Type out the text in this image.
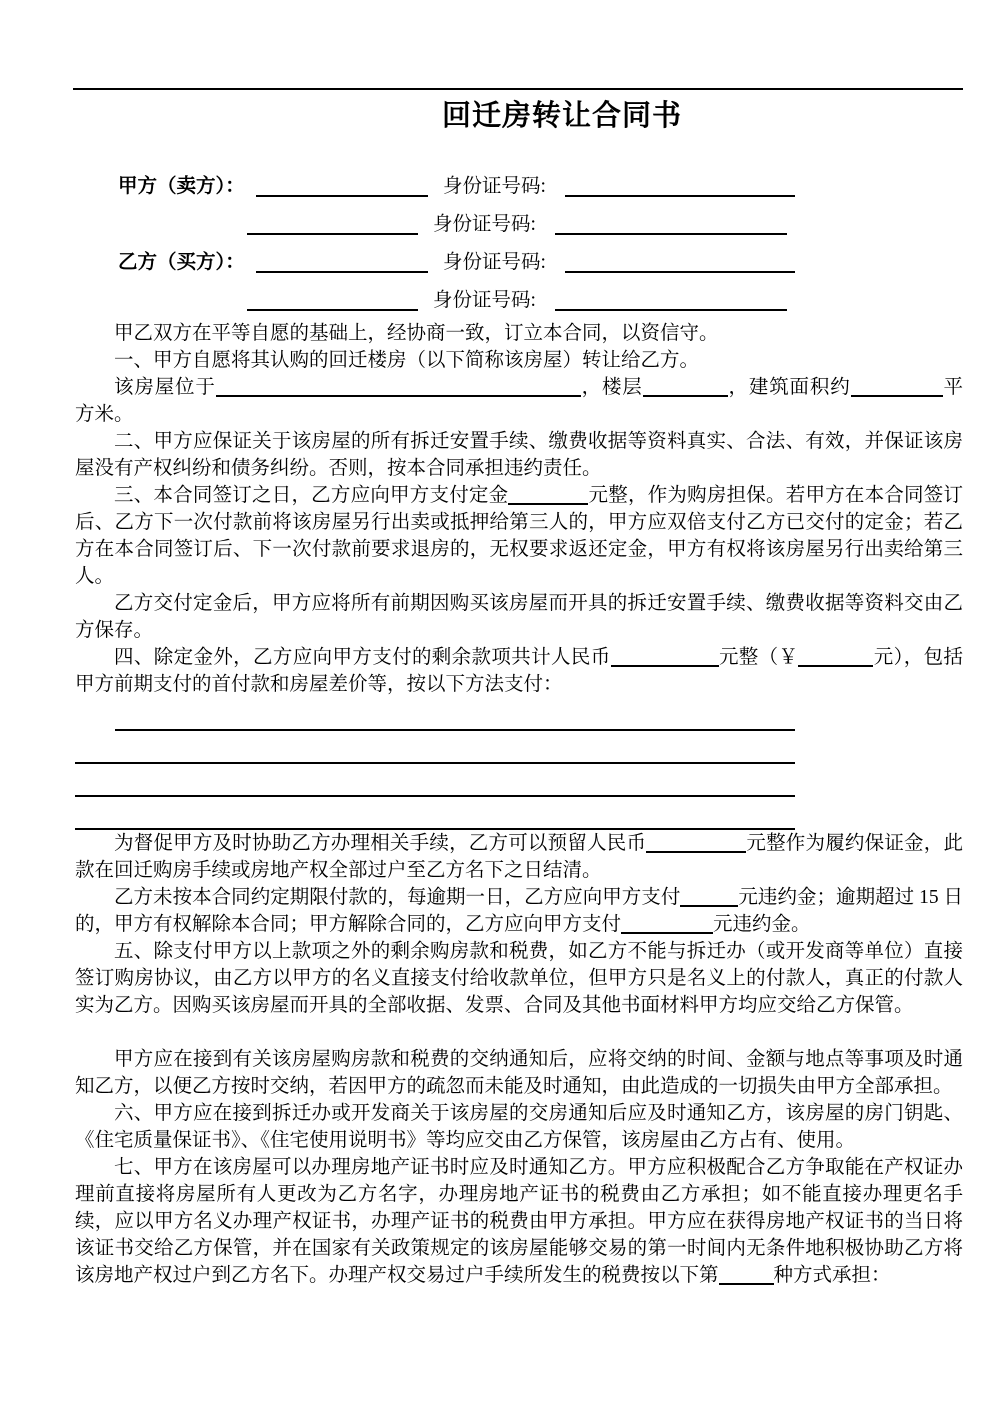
回迁房转让合同书
甲方（卖方）：	身份证号码:
身份证号码:
乙方（买方）：	身份证号码:
身份证号码:

甲乙双方在平等自愿的基础上，经协商一致，订立本合同，以资信守。

一、甲方自愿将其认购的回迁楼房（以下简称该房屋）转让给乙方。

该房屋位于	，楼层	，建筑面积约	平方米。

二、甲方应保证关于该房屋的所有拆迁安置手续、缴费收据等资料真实、合法、有效，并保证该房屋没有产权纠纷和债务纠纷。否则，按本合同承担违约责任。

三、本合同签订之日，乙方应向甲方支付定金	元整，作为购房担保。若甲方在本合同签订后、乙方下一次付款前将该房屋另行出卖或抵押给第三人的，甲方应双倍支付乙方已交付的定金；若乙方在本合同签订后、下一次付款前要求退房的，无权要求返还定金，甲方有权将该房屋另行出卖给第三人。

乙方交付定金后，甲方应将所有前期因购买该房屋而开具的拆迁安置手续、缴费收据等资料交由乙方保存。

四、除定金外，乙方应向甲方支付的剩余款项共计人民币	元整（￥	元），包括甲方前期支付的首付款和房屋差价等，按以下方法支付：

为督促甲方及时协助乙方办理相关手续，乙方可以预留人民币	元整作为履约保证金，此款在回迁购房手续或房地产权全部过户至乙方名下之日结清。

乙方未按本合同约定期限付款的，每逾期一日，乙方应向甲方支付	元违约金；逾期超过 15 日的，甲方有权解除本合同；甲方解除合同的，乙方应向甲方支付	元违约金。

五、除支付甲方以上款项之外的剩余购房款和税费，如乙方不能与拆迁办（或开发商等单位）直接签订购房协议，由乙方以甲方的名义直接支付给收款单位，但甲方只是名义上的付款人，真正的付款人实为乙方。因购买该房屋而开具的全部收据、发票、合同及其他书面材料甲方均应交给乙方保管。

甲方应在接到有关该房屋购房款和税费的交纳通知后，应将交纳的时间、金额与地点等事项及时通知乙方，以便乙方按时交纳，若因甲方的疏忽而未能及时通知，由此造成的一切损失由甲方全部承担。

六、甲方应在接到拆迁办或开发商关于该房屋的交房通知后应及时通知乙方，该房屋的房门钥匙、《住宅质量保证书》、《住宅使用说明书》等均应交由乙方保管，该房屋由乙方占有、使用。

七、甲方在该房屋可以办理房地产证书时应及时通知乙方。甲方应积极配合乙方争取能在产权证办理前直接将房屋所有人更改为乙方名字，办理房地产证书的税费由乙方承担；如不能直接办理更名手续，应以甲方名义办理产权证书，办理产证书的税费由甲方承担。甲方应在获得房地产权证书的当日将该证书交给乙方保管，并在国家有关政策规定的该房屋能够交易的第一时间内无条件地积极协助乙方将该房地产权过户到乙方名下。办理产权交易过户手续所发生的税费按以下第	种方式承担：
